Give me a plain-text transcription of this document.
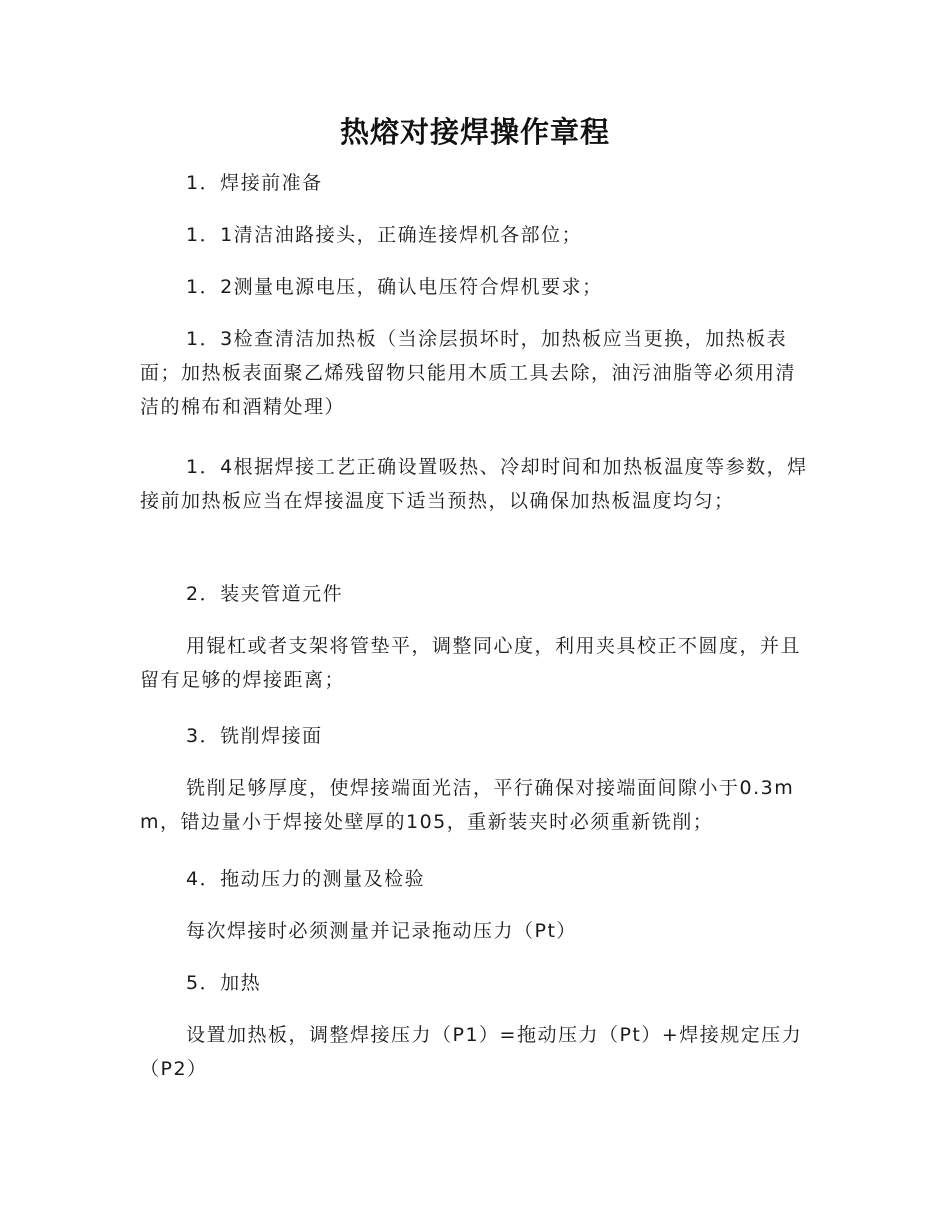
热熔对接焊操作章程
1．焊接前准备
1．1清洁油路接头，正确连接焊机各部位；
1．2测量电源电压，确认电压符合焊机要求；
1．3检查清洁加热板（当涂层损坏时，加热板应当更换，加热板表面；加热板表面聚乙烯残留物只能用木质工具去除，油污油脂等必须用清洁的棉布和酒精处理）
1．4根据焊接工艺正确设置吸热、冷却时间和加热板温度等参数，焊接前加热板应当在焊接温度下适当预热，以确保加热板温度均匀；
2．装夹管道元件
用锟杠或者支架将管垫平，调整同心度，利用夹具校正不圆度，并且留有足够的焊接距离；
3．铣削焊接面
铣削足够厚度，使焊接端面光洁，平行确保对接端面间隙小于0.3mm，错边量小于焊接处壁厚的105，重新装夹时必须重新铣削；
4．拖动压力的测量及检验
每次焊接时必须测量并记录拖动压力（Pt）
5．加热
设置加热板，调整焊接压力（P1）=拖动压力（Pt）+焊接规定压力（P2）
